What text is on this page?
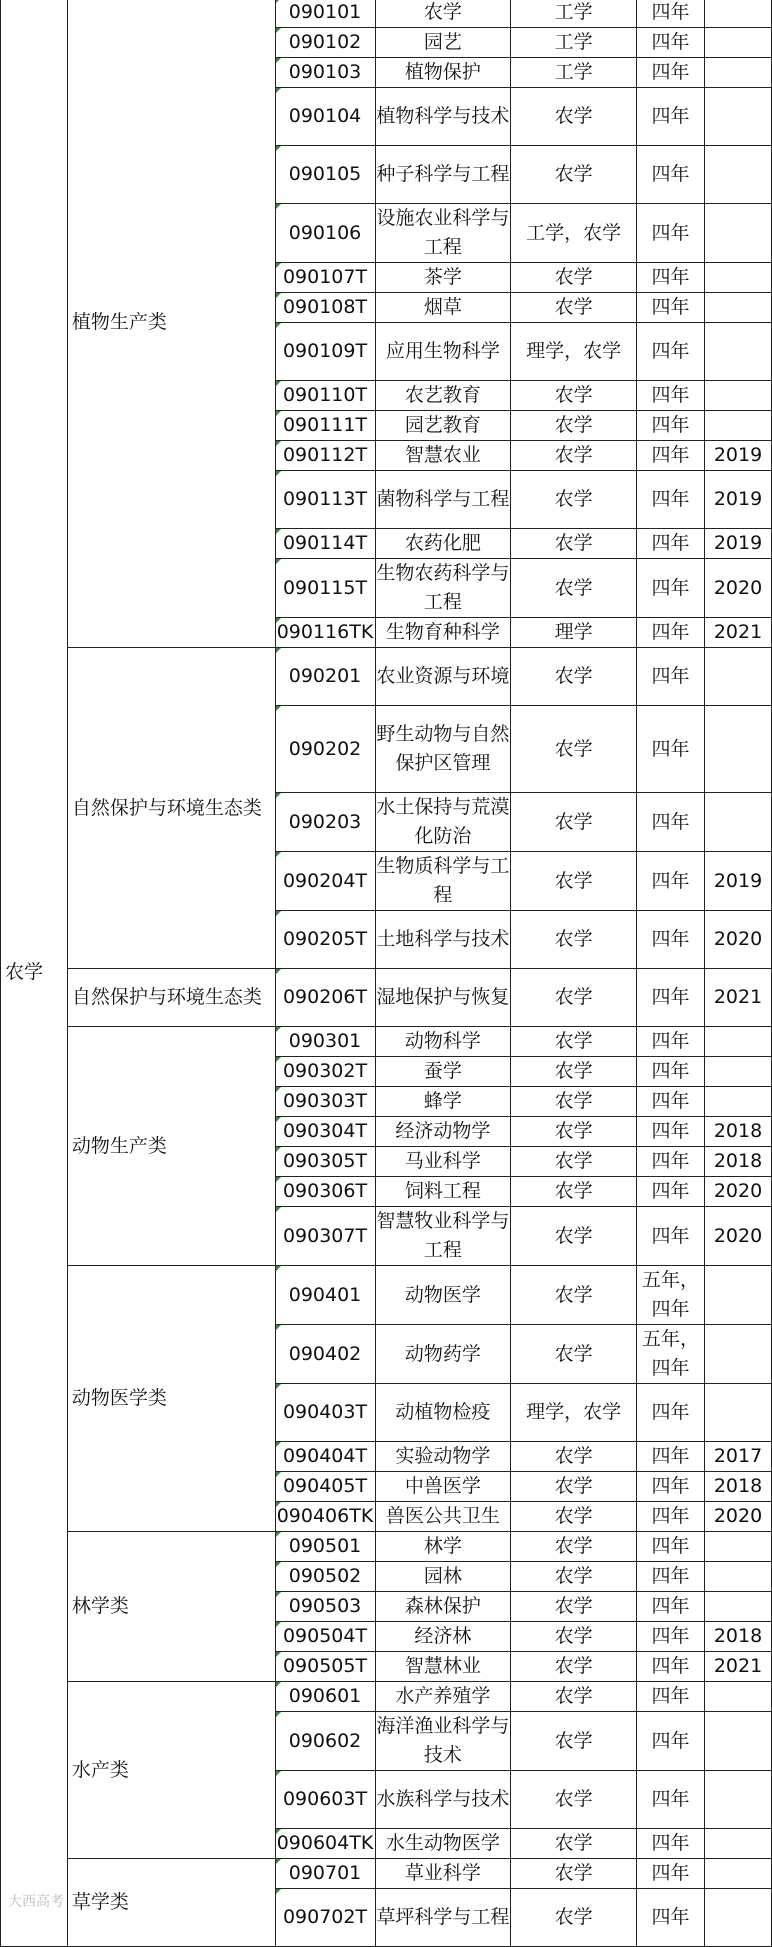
农学	植物生产类	090101	农学	工学	四年	
		090102	园艺	工学	四年	
		090103	植物保护	工学	四年	
		090104	植物科学与技术	农学	四年	
		090105	种子科学与工程	农学	四年	
		090106	设施农业科学与工程	工学，农学	四年	
		090107T	茶学	农学	四年	
		090108T	烟草	农学	四年	
		090109T	应用生物科学	理学，农学	四年	
		090110T	农艺教育	农学	四年	
		090111T	园艺教育	农学	四年	
		090112T	智慧农业	农学	四年	2019
		090113T	菌物科学与工程	农学	四年	2019
		090114T	农药化肥	农学	四年	2019
		090115T	生物农药科学与工程	农学	四年	2020
		090116TK	生物育种科学	理学	四年	2021
	自然保护与环境生态类	090201	农业资源与环境	农学	四年	
		090202	野生动物与自然保护区管理	农学	四年	
		090203	水土保持与荒漠化防治	农学	四年	
		090204T	生物质科学与工程	农学	四年	2019
		090205T	土地科学与技术	农学	四年	2020
	自然保护与环境生态类	090206T	湿地保护与恢复	农学	四年	2021
	动物生产类	090301	动物科学	农学	四年	
		090302T	蚕学	农学	四年	
		090303T	蜂学	农学	四年	
		090304T	经济动物学	农学	四年	2018
		090305T	马业科学	农学	四年	2018
		090306T	饲料工程	农学	四年	2020
		090307T	智慧牧业科学与工程	农学	四年	2020
	动物医学类	090401	动物医学	农学	五年，四年	
		090402	动物药学	农学	五年，四年	
		090403T	动植物检疫	理学，农学	四年	
		090404T	实验动物学	农学	四年	2017
		090405T	中兽医学	农学	四年	2018
		090406TK	兽医公共卫生	农学	四年	2020
	林学类	090501	林学	农学	四年	
		090502	园林	农学	四年	
		090503	森林保护	农学	四年	
		090504T	经济林	农学	四年	2018
		090505T	智慧林业	农学	四年	2021
	水产类	090601	水产养殖学	农学	四年	
		090602	海洋渔业科学与技术	农学	四年	
		090603T	水族科学与技术	农学	四年	
		090604TK	水生动物医学	农学	四年	
	草学类	090701	草业科学	农学	四年	
		090702T	草坪科学与工程	农学	四年	
大西高考
